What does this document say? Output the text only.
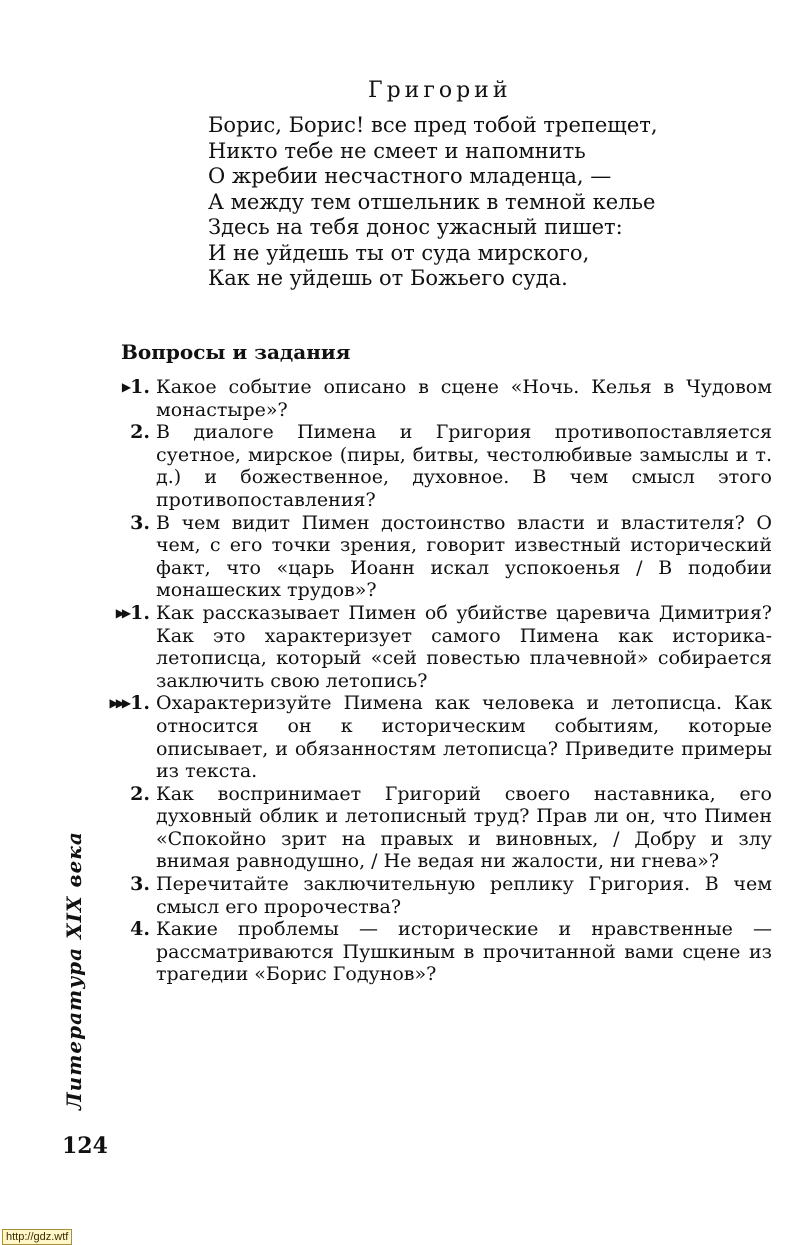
Григорий
Борис, Борис! все пред тобой трепещет,
Никто тебе не смеет и напомнить
О жребии несчастного младенца, —
А между тем отшельник в темной келье
Здесь на тебя донос ужасный пишет:
И не уйдешь ты от суда мирского,
Как не уйдешь от Божьего суда.
Вопросы и задания
▶ 1. Какое событие описано в сцене «Ночь. Келья в Чудовом монастыре»?
2. В диалоге Пимена и Григория противопоставляется суетное, мирское (пиры, битвы, честолюбивые замыслы и т. д.) и божественное, духовное. В чем смысл этого противопоставления?
3. В чем видит Пимен достоинство власти и властителя? О чем, с его точки зрения, говорит известный исторический факт, что «царь Иоанн искал успокоенья / В подобии монашеских трудов»?
▶▶ 1. Как рассказывает Пимен об убийстве царевича Димитрия? Как это характеризует самого Пимена как историка-летописца, который «сей повестью плачевной» собирается заключить свою летопись?
▶▶▶ 1. Охарактеризуйте Пимена как человека и летописца. Как относится он к историческим событиям, которые описывает, и обязанностям летописца? Приведите примеры из текста.
2. Как воспринимает Григорий своего наставника, его духовный облик и летописный труд? Прав ли он, что Пимен «Спокойно зрит на правых и виновных, / Добру и злу внимая равнодушно, / Не ведая ни жалости, ни гнева»?
3. Перечитайте заключительную реплику Григория. В чем смысл его пророчества?
4. Какие проблемы — исторические и нравственные — рассматриваются Пушкиным в прочитанной вами сцене из трагедии «Борис Годунов»?
Литература XIX века
124
http://gdz.wtf
